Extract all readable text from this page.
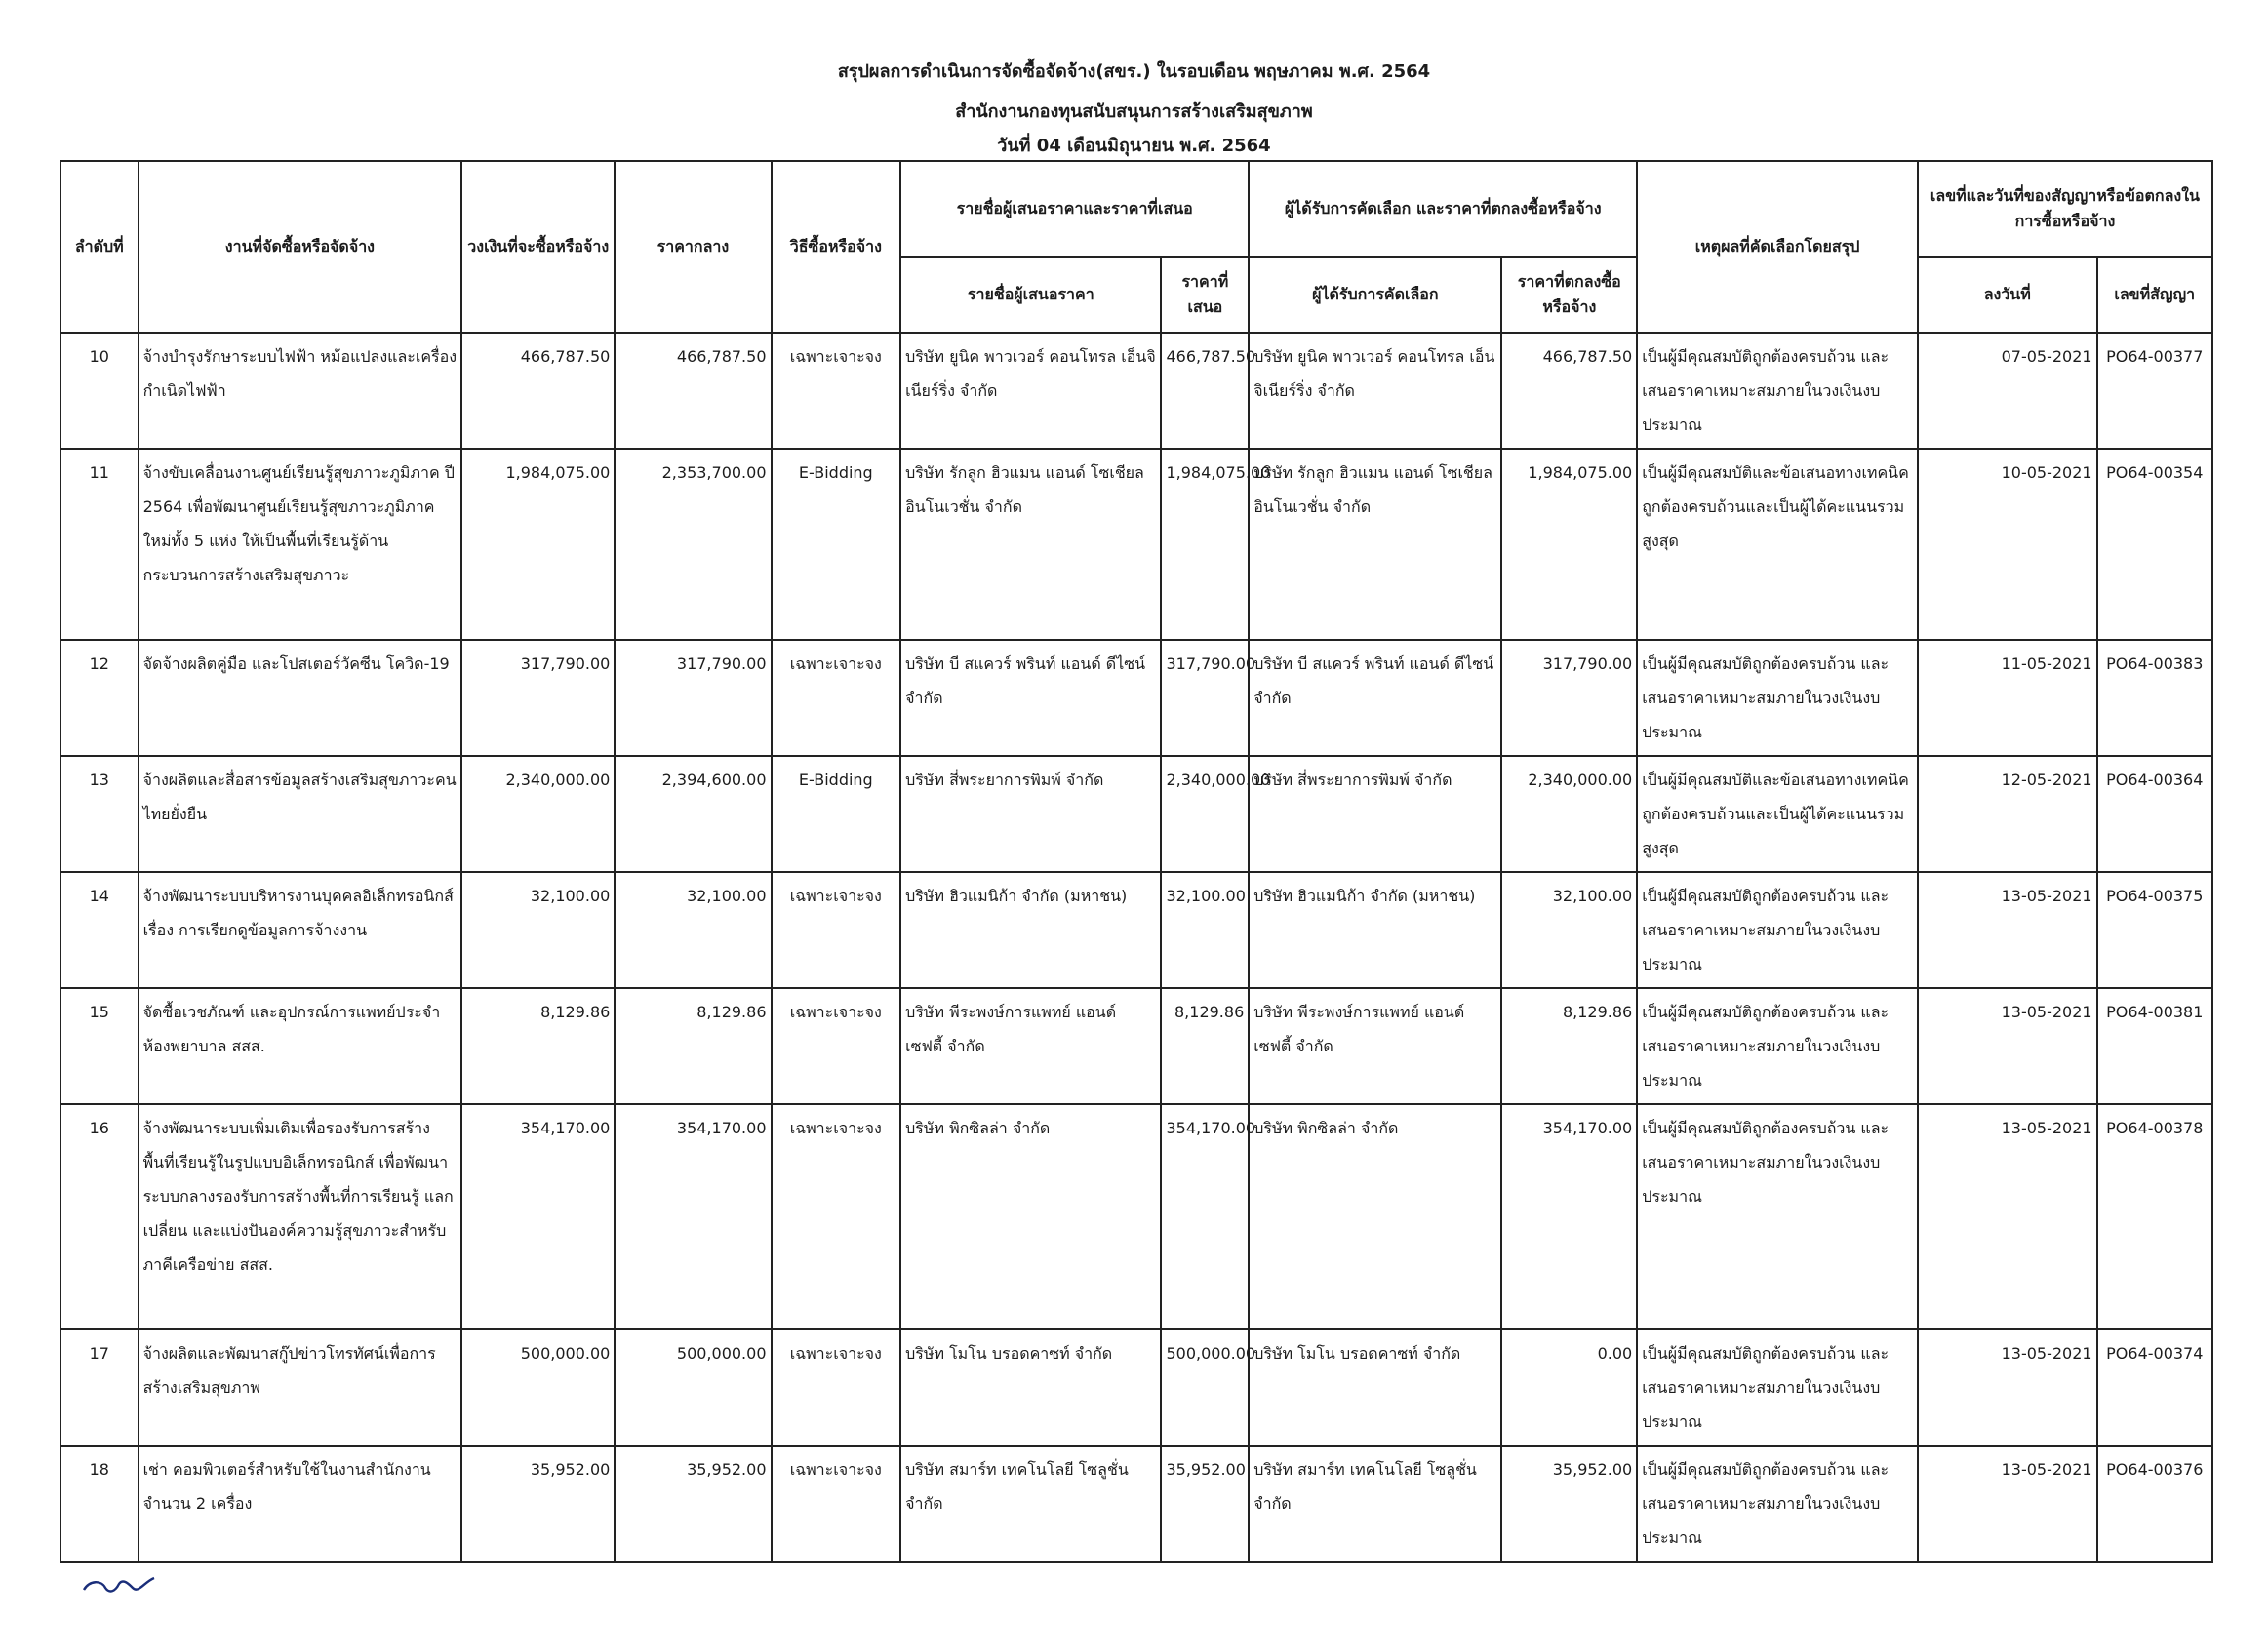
สรุปผลการดำเนินการจัดซื้อจัดจ้าง(สขร.) ในรอบเดือน พฤษภาคม พ.ศ. 2564
สำนักงานกองทุนสนับสนุนการสร้างเสริมสุขภาพ
วันที่ 04 เดือนมิถุนายน พ.ศ. 2564
ลำดับที่	งานที่จัดซื้อหรือจัดจ้าง	วงเงินที่จะซื้อหรือจ้าง	ราคากลาง	วิธีซื้อหรือจ้าง	รายชื่อผู้เสนอราคาและราคาที่เสนอ		ผู้ได้รับการคัดเลือก และราคาที่ตกลงซื้อหรือจ้าง		เหตุผลที่คัดเลือกโดยสรุป	เลขที่และวันที่ของสัญญาหรือข้อตกลงในการซื้อหรือจ้าง	
					รายชื่อผู้เสนอราคา	ราคาที่เสนอ	ผู้ได้รับการคัดเลือก	ราคาที่ตกลงซื้อหรือจ้าง		ลงวันที่	เลขที่สัญญา
10	จ้างบำรุงรักษาระบบไฟฟ้า หม้อแปลงและเครื่องกำเนิดไฟฟ้า	466,787.50	466,787.50	เฉพาะเจาะจง	บริษัท ยูนิค พาวเวอร์ คอนโทรล เอ็นจิเนียร์ริ่ง จำกัด	466,787.50	บริษัท ยูนิค พาวเวอร์ คอนโทรล เอ็นจิเนียร์ริ่ง จำกัด	466,787.50	เป็นผู้มีคุณสมบัติถูกต้องครบถ้วน และเสนอราคาเหมาะสมภายในวงเงินงบประมาณ	07-05-2021	PO64-00377
11	จ้างขับเคลื่อนงานศูนย์เรียนรู้สุขภาวะภูมิภาค ปี 2564 เพื่อพัฒนาศูนย์เรียนรู้สุขภาวะภูมิภาคใหม่ทั้ง 5 แห่ง ให้เป็นพื้นที่เรียนรู้ด้านกระบวนการสร้างเสริมสุขภาวะ	1,984,075.00	2,353,700.00	E-Bidding	บริษัท รักลูก ฮิวแมน แอนด์ โซเชียล อินโนเวชั่น จำกัด	1,984,075.00	บริษัท รักลูก ฮิวแมน แอนด์ โซเชียล อินโนเวชั่น จำกัด	1,984,075.00	เป็นผู้มีคุณสมบัติและข้อเสนอทางเทคนิคถูกต้องครบถ้วนและเป็นผู้ได้คะแนนรวมสูงสุด	10-05-2021	PO64-00354
12	จัดจ้างผลิตคู่มือ และโปสเตอร์วัคซีน โควิด-19	317,790.00	317,790.00	เฉพาะเจาะจง	บริษัท บี สแควร์ พรินท์ แอนด์ ดีไซน์ จำกัด	317,790.00	บริษัท บี สแควร์ พรินท์ แอนด์ ดีไซน์ จำกัด	317,790.00	เป็นผู้มีคุณสมบัติถูกต้องครบถ้วน และเสนอราคาเหมาะสมภายในวงเงินงบประมาณ	11-05-2021	PO64-00383
13	จ้างผลิตและสื่อสารข้อมูลสร้างเสริมสุขภาวะคนไทยยั่งยืน	2,340,000.00	2,394,600.00	E-Bidding	บริษัท สี่พระยาการพิมพ์ จำกัด	2,340,000.00	บริษัท สี่พระยาการพิมพ์ จำกัด	2,340,000.00	เป็นผู้มีคุณสมบัติและข้อเสนอทางเทคนิคถูกต้องครบถ้วนและเป็นผู้ได้คะแนนรวมสูงสุด	12-05-2021	PO64-00364
14	จ้างพัฒนาระบบบริหารงานบุคคลอิเล็กทรอนิกส์ เรื่อง การเรียกดูข้อมูลการจ้างงาน	32,100.00	32,100.00	เฉพาะเจาะจง	บริษัท ฮิวแมนิก้า จำกัด (มหาชน)	32,100.00	บริษัท ฮิวแมนิก้า จำกัด (มหาชน)	32,100.00	เป็นผู้มีคุณสมบัติถูกต้องครบถ้วน และเสนอราคาเหมาะสมภายในวงเงินงบประมาณ	13-05-2021	PO64-00375
15	จัดซื้อเวชภัณฑ์ และอุปกรณ์การแพทย์ประจำห้องพยาบาล สสส.	8,129.86	8,129.86	เฉพาะเจาะจง	บริษัท พีระพงษ์การแพทย์ แอนด์ เซฟตี้ จำกัด	8,129.86	บริษัท พีระพงษ์การแพทย์ แอนด์ เซฟตี้ จำกัด	8,129.86	เป็นผู้มีคุณสมบัติถูกต้องครบถ้วน และเสนอราคาเหมาะสมภายในวงเงินงบประมาณ	13-05-2021	PO64-00381
16	จ้างพัฒนาระบบเพิ่มเติมเพื่อรองรับการสร้างพื้นที่เรียนรู้ในรูปแบบอิเล็กทรอนิกส์ เพื่อพัฒนาระบบกลางรองรับการสร้างพื้นที่การเรียนรู้ แลกเปลี่ยน และแบ่งปันองค์ความรู้สุขภาวะสำหรับภาคีเครือข่าย สสส.	354,170.00	354,170.00	เฉพาะเจาะจง	บริษัท พิกซิลล่า จำกัด	354,170.00	บริษัท พิกซิลล่า จำกัด	354,170.00	เป็นผู้มีคุณสมบัติถูกต้องครบถ้วน และเสนอราคาเหมาะสมภายในวงเงินงบประมาณ	13-05-2021	PO64-00378
17	จ้างผลิตและพัฒนาสกู๊ปข่าวโทรทัศน์เพื่อการสร้างเสริมสุขภาพ	500,000.00	500,000.00	เฉพาะเจาะจง	บริษัท โมโน บรอดคาซท์ จำกัด	500,000.00	บริษัท โมโน บรอดคาซท์ จำกัด	0.00	เป็นผู้มีคุณสมบัติถูกต้องครบถ้วน และเสนอราคาเหมาะสมภายในวงเงินงบประมาณ	13-05-2021	PO64-00374
18	เช่า คอมพิวเตอร์สำหรับใช้ในงานสำนักงาน จำนวน 2 เครื่อง	35,952.00	35,952.00	เฉพาะเจาะจง	บริษัท สมาร์ท เทคโนโลยี โซลูชั่น จำกัด	35,952.00	บริษัท สมาร์ท เทคโนโลยี โซลูชั่น จำกัด	35,952.00	เป็นผู้มีคุณสมบัติถูกต้องครบถ้วน และเสนอราคาเหมาะสมภายในวงเงินงบประมาณ	13-05-2021	PO64-00376
